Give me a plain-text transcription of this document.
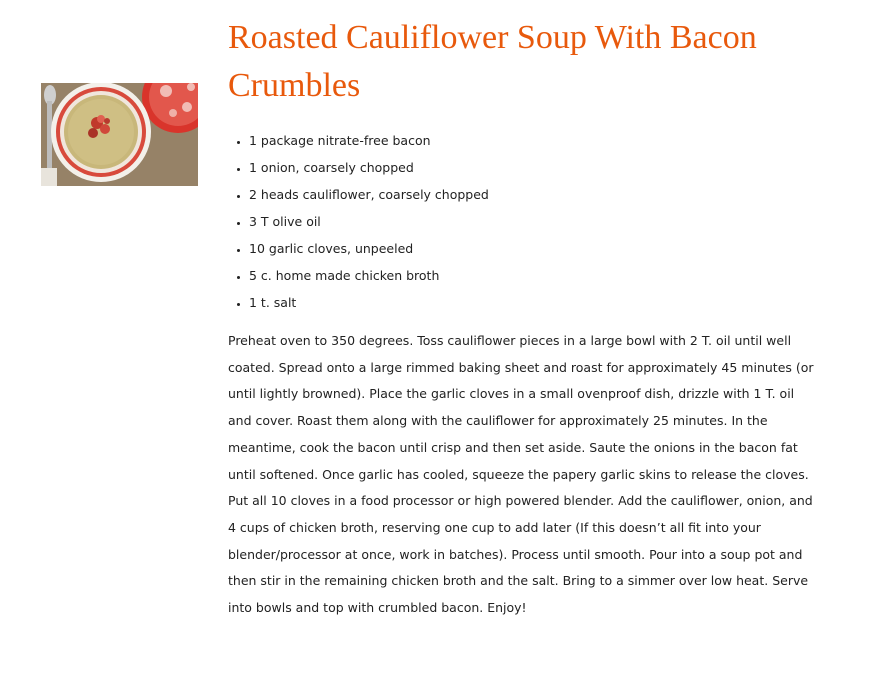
Roasted Cauliflower Soup With Bacon Crumbles
• 1 package nitrate-free bacon
• 1 onion, coarsely chopped
• 2 heads cauliflower, coarsely chopped
• 3 T olive oil
• 10 garlic cloves, unpeeled
• 5 c. home made chicken broth
• 1 t. salt

Preheat oven to 350 degrees. Toss cauliflower pieces in a large bowl with 2 T. oil until well coated. Spread onto a large rimmed baking sheet and roast for approximately 45 minutes (or until lightly browned). Place the garlic cloves in a small ovenproof dish, drizzle with 1 T. oil and cover. Roast them along with the cauliflower for approximately 25 minutes. In the meantime, cook the bacon until crisp and then set aside. Saute the onions in the bacon fat until softened. Once garlic has cooled, squeeze the papery garlic skins to release the cloves. Put all 10 cloves in a food processor or high powered blender. Add the cauliflower, onion, and 4 cups of chicken broth, reserving one cup to add later (If this doesn’t all fit into your blender/processor at once, work in batches). Process until smooth. Pour into a soup pot and then stir in the remaining chicken broth and the salt. Bring to a simmer over low heat. Serve into bowls and top with crumbled bacon. Enjoy!
